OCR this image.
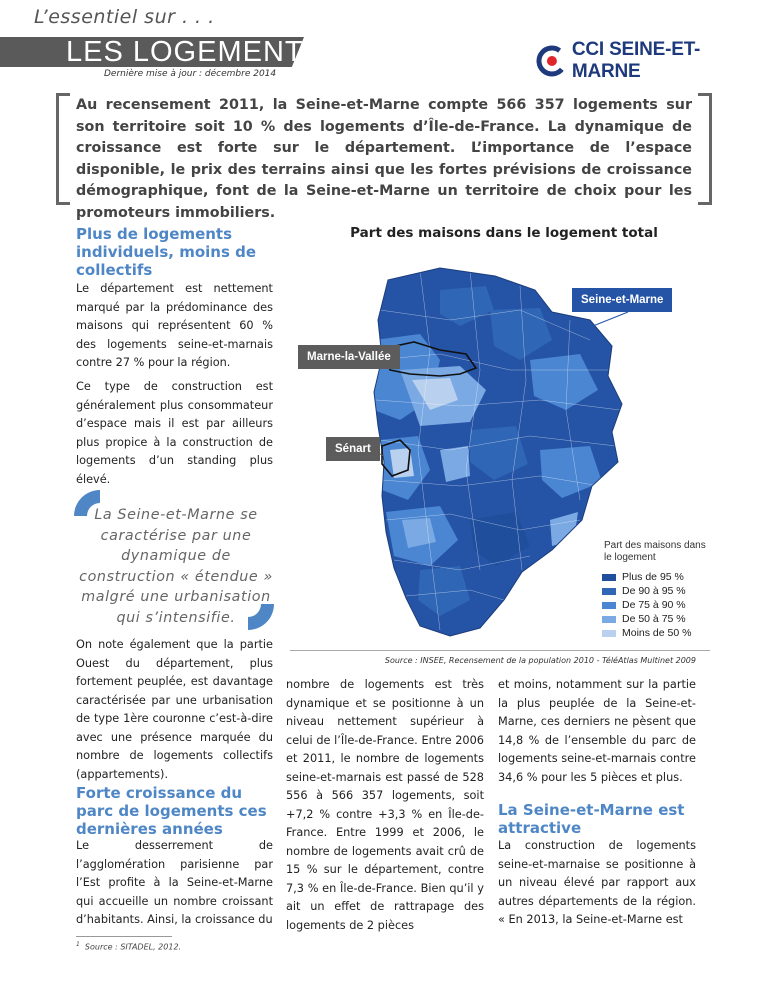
L’essentiel sur . . .
LES LOGEMENTS
Dernière mise à jour : décembre 2014
CCI SEINE-ET-MARNE
Au recensement 2011, la Seine-et-Marne compte 566 357 logements sur son territoire soit 10 % des logements d’Île-de-France. La dynamique de croissance est forte sur le département. L’importance de l’espace disponible, le prix des terrains ainsi que les fortes prévisions de croissance démographique, font de la Seine-et-Marne un territoire de choix pour les promoteurs immobiliers.
Plus de logements individuels, moins de collectifs
Le département est nettement marqué par la prédominance des maisons qui représentent 60 % des logements seine-et-marnais contre 27 % pour la région.
Ce type de construction est généralement plus consommateur d’espace mais il est par ailleurs plus propice à la construction de logements d’un standing plus élevé.
La Seine-et-Marne se caractérise par une dynamique de construction « étendue » malgré une urbanisation qui s’intensifie.
On note également que la partie Ouest du département, plus fortement peuplée, est davantage caractérisée par une urbanisation de type 1ère couronne c’est-à-dire avec une présence marquée du nombre de logements collectifs (appartements).
Forte croissance du parc de logements ces dernières années
Le desserrement de l’agglomération parisienne par l’Est profite à la Seine-et-Marne qui accueille un nombre croissant d’habitants. Ainsi, la croissance du
$^1$ Source : SITADEL, 2012.
Part des maisons dans le logement total
Seine-et-Marne
Marne-la-Vallée
Sénart
Part des maisons dans le logement
Plus de 95 %
De 90 à 95 %
De 75 à 90 %
De 50 à 75 %
Moins de 50 %
Source : INSEE, Recensement de la population 2010 - TéléAtlas Multinet 2009
nombre de logements est très dynamique et se positionne à un niveau nettement supérieur à celui de l’Île-de-France. Entre 2006 et 2011, le nombre de logements seine-et-marnais est passé de 528 556 à 566 357 logements, soit +7,2 % contre +3,3 % en Île-de-France. Entre 1999 et 2006, le nombre de logements avait crû de 15 % sur le département, contre 7,3 % en Île-de-France. Bien qu’il y ait un effet de rattrapage des logements de 2 pièces
et moins, notamment sur la partie la plus peuplée de la Seine-et-Marne, ces derniers ne pèsent que 14,8 % de l’ensemble du parc de logements seine-et-marnais contre 34,6 % pour les 5 pièces et plus.
La Seine-et-Marne est attractive
La construction de logements seine-et-marnaise se positionne à un niveau élevé par rapport aux autres départements de la région. « En 2013, la Seine-et-Marne est
